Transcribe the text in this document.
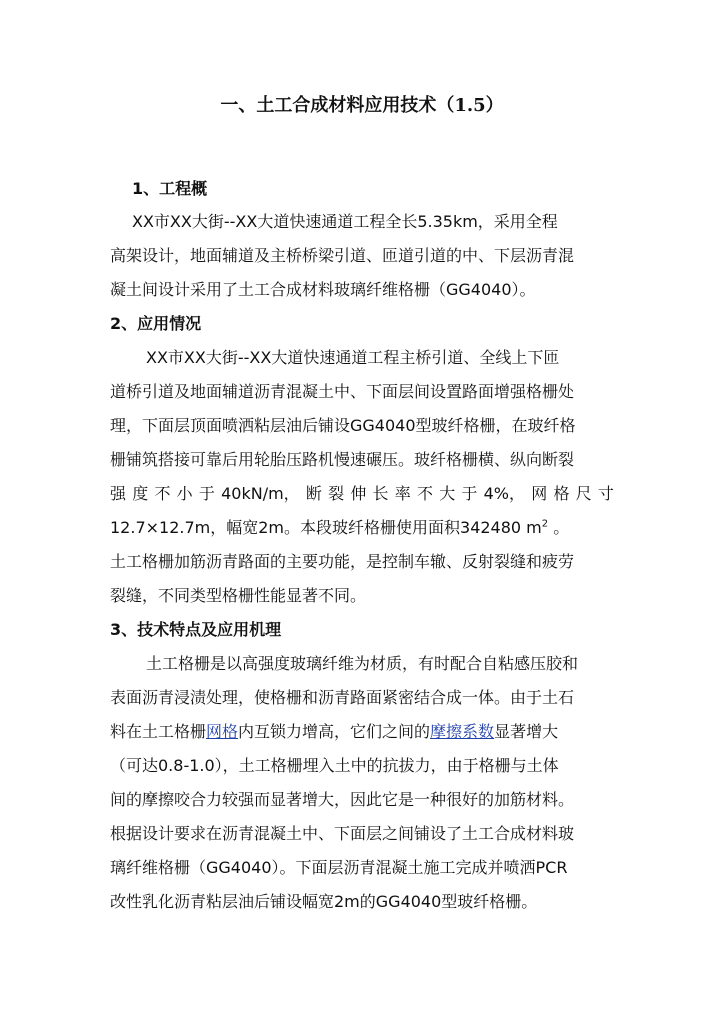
一、土工合成材料应用技术（1.5）
1、工程概
XX市XX大街--XX大道快速通道工程全长5.35km，采用全程
高架设计，地面辅道及主桥桥梁引道、匝道引道的中、下层沥青混
凝土间设计采用了土工合成材料玻璃纤维格栅（GG4040）。
2、应用情况
XX市XX大街--XX大道快速通道工程主桥引道、全线上下匝
道桥引道及地面辅道沥青混凝土中、下面层间设置路面增强格栅处
理，下面层顶面喷洒粘层油后铺设GG4040型玻纤格栅，在玻纤格
栅铺筑搭接可靠后用轮胎压路机慢速碾压。玻纤格栅横、纵向断裂
强 度 不 小 于 40kN/m， 断 裂 伸 长 率 不 大 于 4%， 网 格 尺 寸
12.7×12.7m，幅宽2m。本段玻纤格栅使用面积342480 $m^2$ 。
土工格栅加筋沥青路面的主要功能，是控制车辙、反射裂缝和疲劳
裂缝，不同类型格栅性能显著不同。
3、技术特点及应用机理
土工格栅是以高强度玻璃纤维为材质，有时配合自粘感压胶和
表面沥青浸渍处理，使格栅和沥青路面紧密结合成一体。由于土石
料在土工格栅网格内互锁力增高，它们之间的摩擦系数显著增大
（可达0.8-1.0），土工格栅埋入土中的抗拔力，由于格栅与土体
间的摩擦咬合力较强而显著增大，因此它是一种很好的加筋材料。
根据设计要求在沥青混凝土中、下面层之间铺设了土工合成材料玻
璃纤维格栅（GG4040）。下面层沥青混凝土施工完成并喷洒PCR
改性乳化沥青粘层油后铺设幅宽2m的GG4040型玻纤格栅。
